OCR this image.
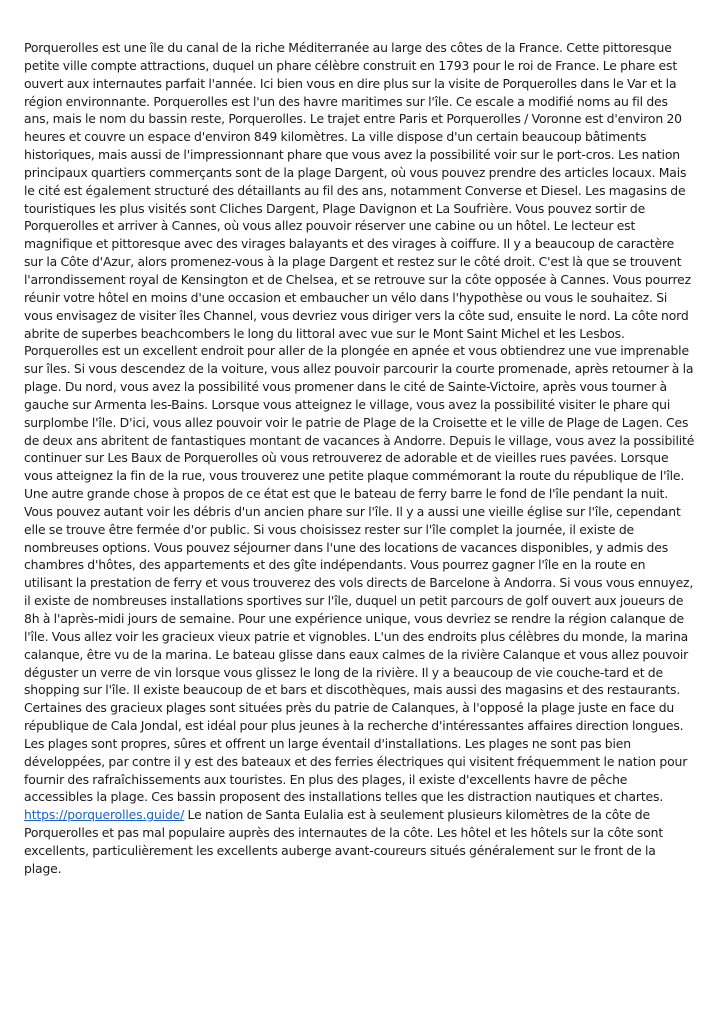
Porquerolles est une île du canal de la riche Méditerranée au large des côtes de la France. Cette pittoresque petite ville compte attractions, duquel un phare célèbre construit en 1793 pour le roi de France. Le phare est ouvert aux internautes parfait l'année. Ici bien vous en dire plus sur la visite de Porquerolles dans le Var et la région environnante. Porquerolles est l'un des havre maritimes sur l'île. Ce escale a modifié noms au fil des ans, mais le nom du bassin reste, Porquerolles. Le trajet entre Paris et Porquerolles / Voronne est d'environ 20 heures et couvre un espace d'environ 849 kilomètres. La ville dispose d'un certain beaucoup bâtiments historiques, mais aussi de l'impressionnant phare que vous avez la possibilité voir sur le port-cros. Les nation principaux quartiers commerçants sont de la plage Dargent, où vous pouvez prendre des articles locaux. Mais le cité est également structuré des détaillants au fil des ans, notamment Converse et Diesel. Les magasins de touristiques les plus visités sont Cliches Dargent, Plage Davignon et La Soufrière. Vous pouvez sortir de Porquerolles et arriver à Cannes, où vous allez pouvoir réserver une cabine ou un hôtel. Le lecteur est magnifique et pittoresque avec des virages balayants et des virages à coiffure. Il y a beaucoup de caractère sur la Côte d'Azur, alors promenez-vous à la plage Dargent et restez sur le côté droit. C'est là que se trouvent l'arrondissement royal de Kensington et de Chelsea, et se retrouve sur la côte opposée à Cannes. Vous pourrez réunir votre hôtel en moins d'une occasion et embaucher un vélo dans l'hypothèse ou vous le souhaitez. Si vous envisagez de visiter îles Channel, vous devriez vous diriger vers la côte sud, ensuite le nord. La côte nord abrite de superbes beachcombers le long du littoral avec vue sur le Mont Saint Michel et les Lesbos. Porquerolles est un excellent endroit pour aller de la plongée en apnée et vous obtiendrez une vue imprenable sur îles. Si vous descendez de la voiture, vous allez pouvoir parcourir la courte promenade, après retourner à la plage. Du nord, vous avez la possibilité vous promener dans le cité de Sainte-Victoire, après vous tourner à gauche sur Armenta les-Bains. Lorsque vous atteignez le village, vous avez la possibilité visiter le phare qui surplombe l'île. D'ici, vous allez pouvoir voir le patrie de Plage de la Croisette et le ville de Plage de Lagen. Ces de deux ans abritent de fantastiques montant de vacances à Andorre. Depuis le village, vous avez la possibilité continuer sur Les Baux de Porquerolles où vous retrouverez de adorable et de vieilles rues pavées. Lorsque vous atteignez la fin de la rue, vous trouverez une petite plaque commémorant la route du république de l'île. Une autre grande chose à propos de ce état est que le bateau de ferry barre le fond de l'île pendant la nuit. Vous pouvez autant voir les débris d'un ancien phare sur l'île. Il y a aussi une vieille église sur l'île, cependant elle se trouve être fermée d'or public. Si vous choisissez rester sur l'île complet la journée, il existe de nombreuses options. Vous pouvez séjourner dans l'une des locations de vacances disponibles, y admis des chambres d'hôtes, des appartements et des gîte indépendants. Vous pourrez gagner l'île en la route en utilisant la prestation de ferry et vous trouverez des vols directs de Barcelone à Andorra. Si vous vous ennuyez, il existe de nombreuses installations sportives sur l'île, duquel un petit parcours de golf ouvert aux joueurs de 8h à l'après-midi jours de semaine. Pour une expérience unique, vous devriez se rendre la région calanque de l'île. Vous allez voir les gracieux vieux patrie et vignobles. L'un des endroits plus célèbres du monde, la marina calanque, être vu de la marina. Le bateau glisse dans eaux calmes de la rivière Calanque et vous allez pouvoir déguster un verre de vin lorsque vous glissez le long de la rivière. Il y a beaucoup de vie couche-tard et de shopping sur l'île. Il existe beaucoup de et bars et discothèques, mais aussi des magasins et des restaurants. Certaines des gracieux plages sont situées près du patrie de Calanques, à l'opposé la plage juste en face du république de Cala Jondal, est idéal pour plus jeunes à la recherche d'intéressantes affaires direction longues. Les plages sont propres, sûres et offrent un large éventail d'installations. Les plages ne sont pas bien développées, par contre il y est des bateaux et des ferries électriques qui visitent fréquemment le nation pour fournir des rafraîchissements aux touristes. En plus des plages, il existe d'excellents havre de pêche accessibles la plage. Ces bassin proposent des installations telles que les distraction nautiques et chartes. https://porquerolles.guide/ Le nation de Santa Eulalia est à seulement plusieurs kilomètres de la côte de Porquerolles et pas mal populaire auprès des internautes de la côte. Les hôtel et les hôtels sur la côte sont excellents, particulièrement les excellents auberge avant-coureurs situés généralement sur le front de la plage.
